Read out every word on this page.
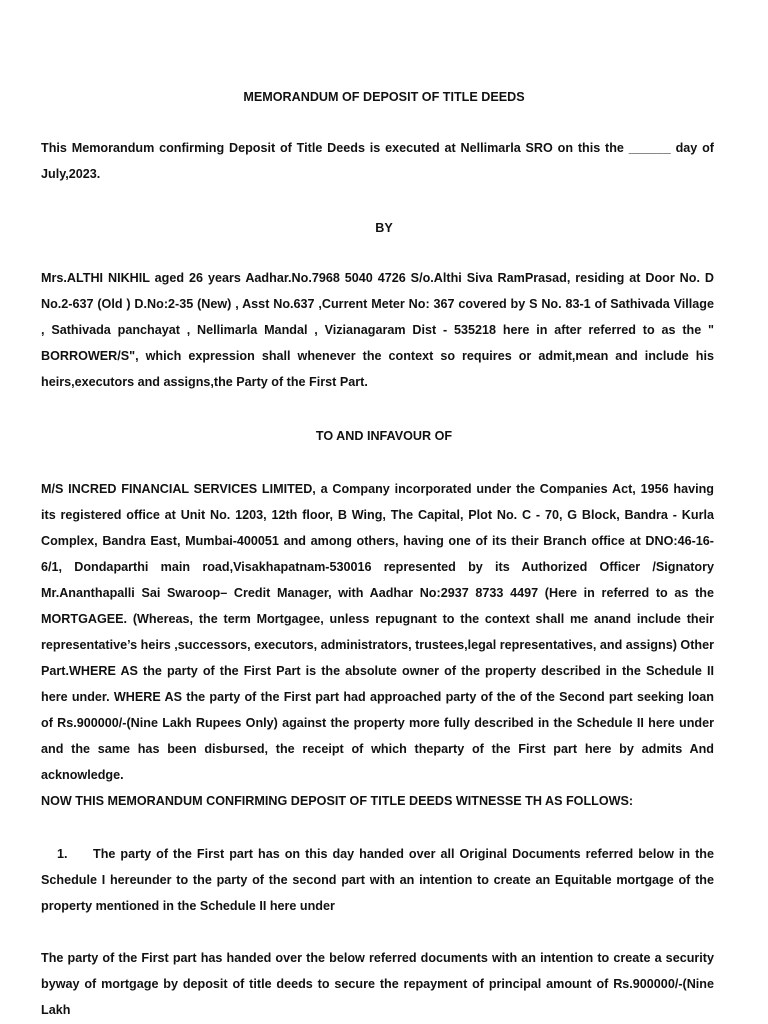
MEMORANDUM OF DEPOSIT OF TITLE DEEDS

This Memorandum confirming Deposit of Title Deeds is executed at Nellimarla SRO on this the ______ day of July,2023.

BY

Mrs.ALTHI NIKHIL aged 26 years Aadhar.No.7968 5040 4726 S/o.Althi Siva RamPrasad, residing at Door No. D No.2-637 (Old ) D.No:2-35 (New) , Asst No.637 ,Current Meter No: 367 covered by S No. 83-1 of Sathivada Village , Sathivada panchayat , Nellimarla Mandal , Vizianagaram Dist - 535218 here in after referred to as the " BORROWER/S", which expression shall whenever the context so requires or admit,mean and include his heirs,executors and assigns,the Party of the First Part.

TO AND INFAVOUR OF

M/S INCRED FINANCIAL SERVICES LIMITED, a Company incorporated under the Companies Act, 1956 having its registered office at Unit No. 1203, 12th floor, B Wing, The Capital, Plot No. C - 70, G Block, Bandra - Kurla Complex, Bandra East, Mumbai-400051 and among others, having one of its their Branch office at DNO:46-16-6/1, Dondaparthi main road,Visakhapatnam-530016 represented by its Authorized Officer /Signatory Mr.Ananthapalli Sai Swaroop– Credit Manager, with Aadhar No:2937 8733 4497 (Here in referred to as the MORTGAGEE. (Whereas, the term Mortgagee, unless repugnant to the context shall me anand include their representative’s heirs ,successors, executors, administrators, trustees,legal representatives, and assigns) Other Part.WHERE AS the party of the First Part is the absolute owner of the property described in the Schedule II here under. WHERE AS the party of the First part had approached party of the of the Second part seeking loan of Rs.900000/-(Nine Lakh Rupees Only) against the property more fully described in the Schedule II here under and the same has been disbursed, the receipt of which theparty of the First part here by admits And acknowledge.

NOW THIS MEMORANDUM CONFIRMING DEPOSIT OF TITLE DEEDS WITNESSE TH AS FOLLOWS:

1. The party of the First part has on this day handed over all Original Documents referred below in the Schedule I hereunder to the party of the second part with an intention to create an Equitable mortgage of the property mentioned in the Schedule II here under

The party of the First part has handed over the below referred documents with an intention to create a security byway of mortgage by deposit of title deeds to secure the repayment of principal amount of Rs.900000/-(Nine Lakh
